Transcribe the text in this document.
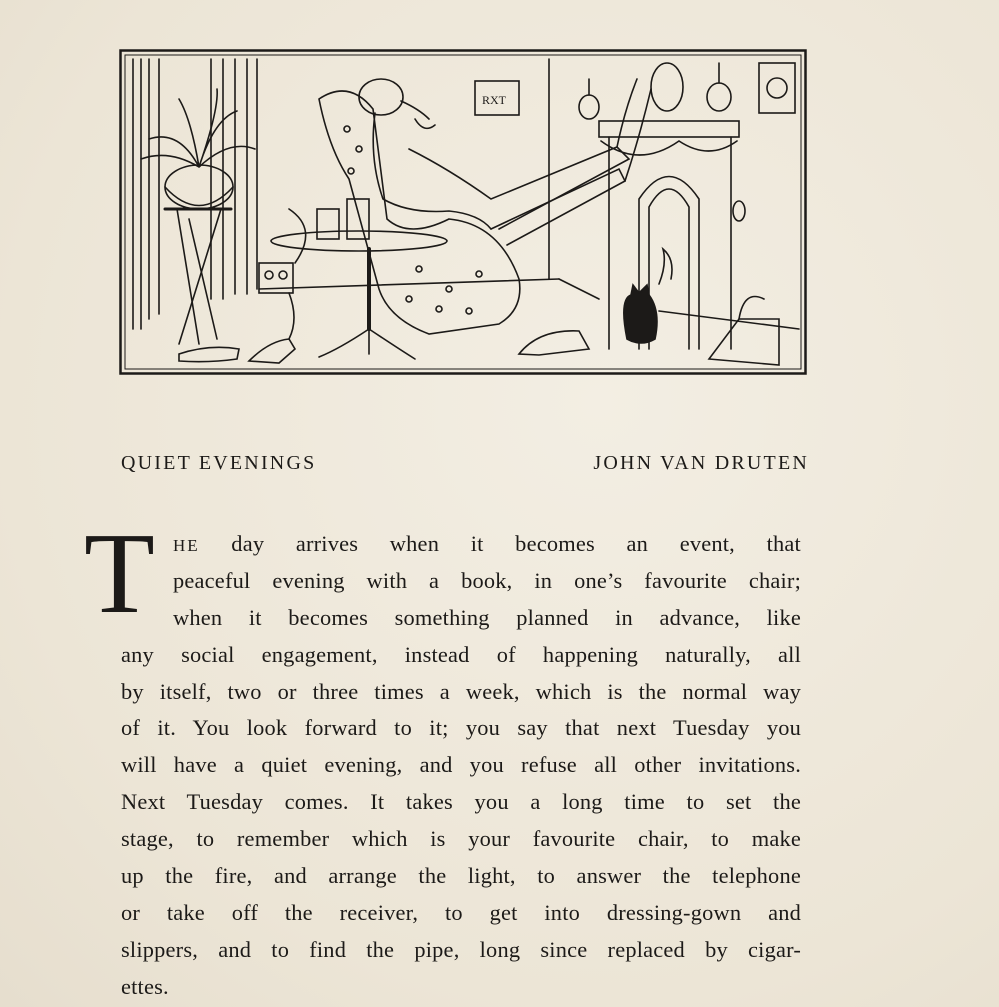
RXT
QUIET EVENINGS	JOHN VAN DRUTEN
T	HE day arrives when it becomes an event, that
peaceful evening with a book, in one’s favourite chair;
when it becomes something planned in advance, like
any social engagement, instead of happening naturally, all
by itself, two or three times a week, which is the normal way
of it. You look forward to it; you say that next Tuesday you
will have a quiet evening, and you refuse all other invitations.
Next Tuesday comes. It takes you a long time to set the
stage, to remember which is your favourite chair, to make
up the fire, and arrange the light, to answer the telephone
or take off the receiver, to get into dressing-gown and
slippers, and to find the pipe, long since replaced by cigar-
ettes.
